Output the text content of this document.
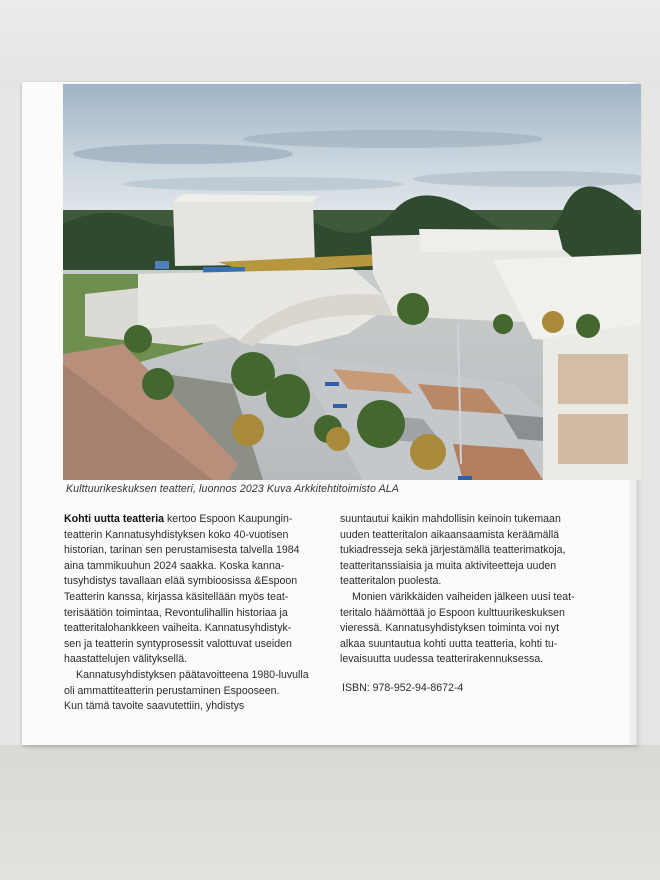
Kulttuurikeskuksen teatteri, luonnos 2023 Kuva Arkkitehtitoimisto ALA

Kohti uutta teatteria kertoo Espoon Kaupungin-
teatterin Kannatusyhdistyksen koko 40-vuotisen
historian, tarinan sen perustamisesta talvella 1984
aina tammikuuhun 2024 saakka. Koska kanna-
tusyhdistys tavallaan elää symbioosissa &Espoon
Teatterin kanssa, kirjassa käsitellään myös teat-
terisäätiön toimintaa, Revontulihallin historiaa ja
teatteritalohankkeen vaiheita. Kannatusyhdistyk-
sen ja teatterin syntyprosessit valottuvat useiden
haastattelujen välityksellä.

Kannatusyhdistyksen päätavoitteena 1980-luvulla
oli ammattiteatterin perustaminen Espooseen.
Kun tämä tavoite saavutettiin, yhdistys

suuntautui kaikin mahdollisin keinoin tukemaan
uuden teatteritalon aikaansaamista keräämällä
tukiadresseja sekä järjestämällä teatterimatkoja,
teatteritanssiaisia ja muita aktiviteetteja uuden
teatteritalon puolesta.

Monien värikkäiden vaiheiden jälkeen uusi teat-
teritalo häämöttää jo Espoon kulttuurikeskuksen
vieressä. Kannatusyhdistyksen toiminta voi nyt
alkaa suuntautua kohti uutta teatteria, kohti tu-
levaisuutta uudessa teatterirakennuksessa.

ISBN: 978-952-94-8672-4
